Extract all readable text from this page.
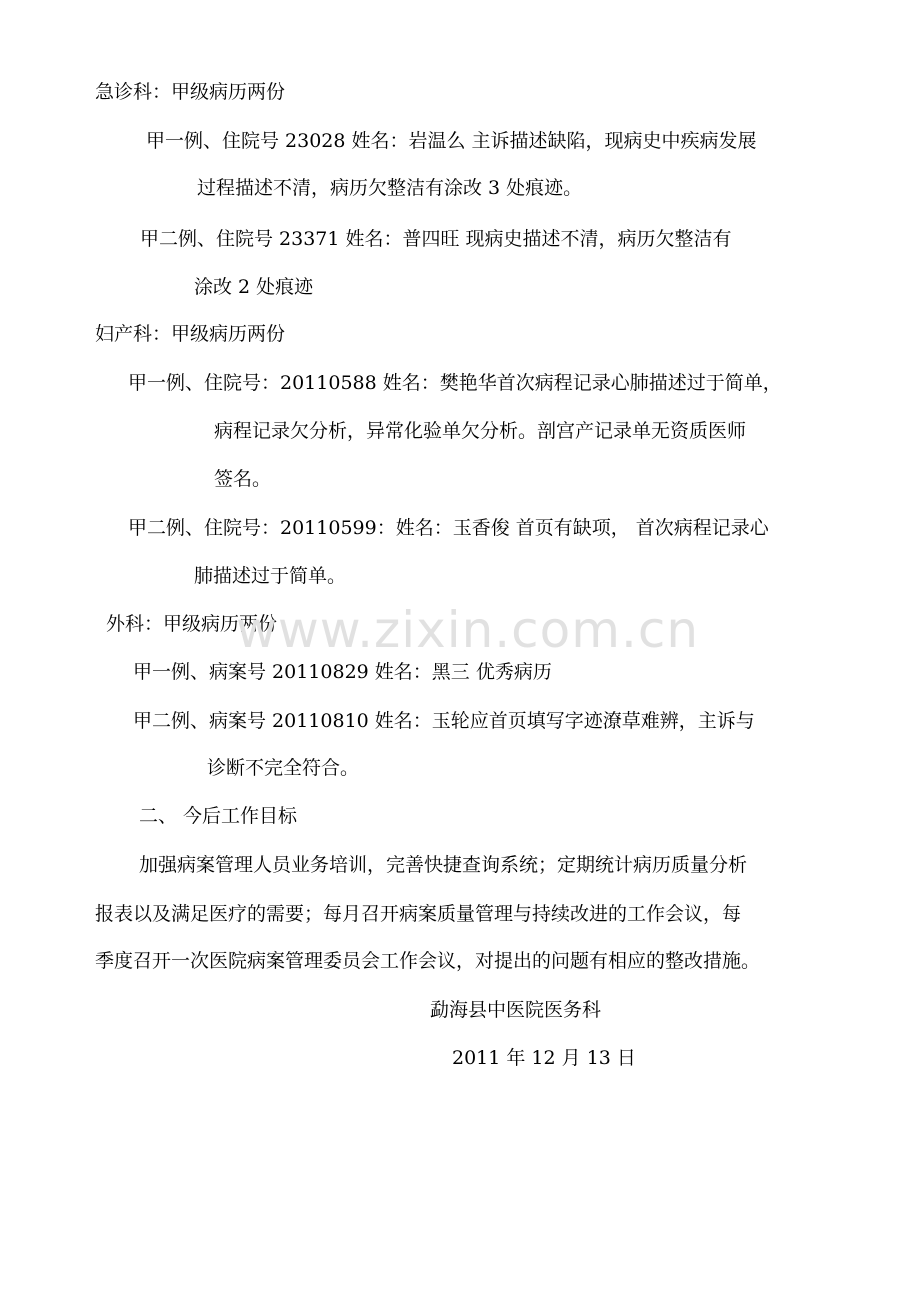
急诊科：甲级病历两份
甲一例、住院号 23028 姓名：岩温么 主诉描述缺陷，现病史中疾病发展
过程描述不清，病历欠整洁有涂改 3 处痕迹。
甲二例、住院号 23371 姓名：普四旺 现病史描述不清，病历欠整洁有
涂改 2 处痕迹
妇产科：甲级病历两份
甲一例、住院号：20110588 姓名：樊艳华首次病程记录心肺描述过于简单，
病程记录欠分析，异常化验单欠分析。剖宫产记录单无资质医师
签名。
甲二例、住院号：20110599：姓名：玉香俊 首页有缺项， 首次病程记录心
肺描述过于简单。
外科：甲级病历两份
甲一例、病案号 20110829 姓名：黑三 优秀病历
甲二例、病案号 20110810 姓名：玉轮应首页填写字迹潦草难辨，主诉与
诊断不完全符合。
二、 今后工作目标
加强病案管理人员业务培训，完善快捷查询系统；定期统计病历质量分析
报表以及满足医疗的需要；每月召开病案质量管理与持续改进的工作会议，每
季度召开一次医院病案管理委员会工作会议，对提出的问题有相应的整改措施。
勐海县中医院医务科
2011 年 12 月 13 日
www.zixin.com.cn
